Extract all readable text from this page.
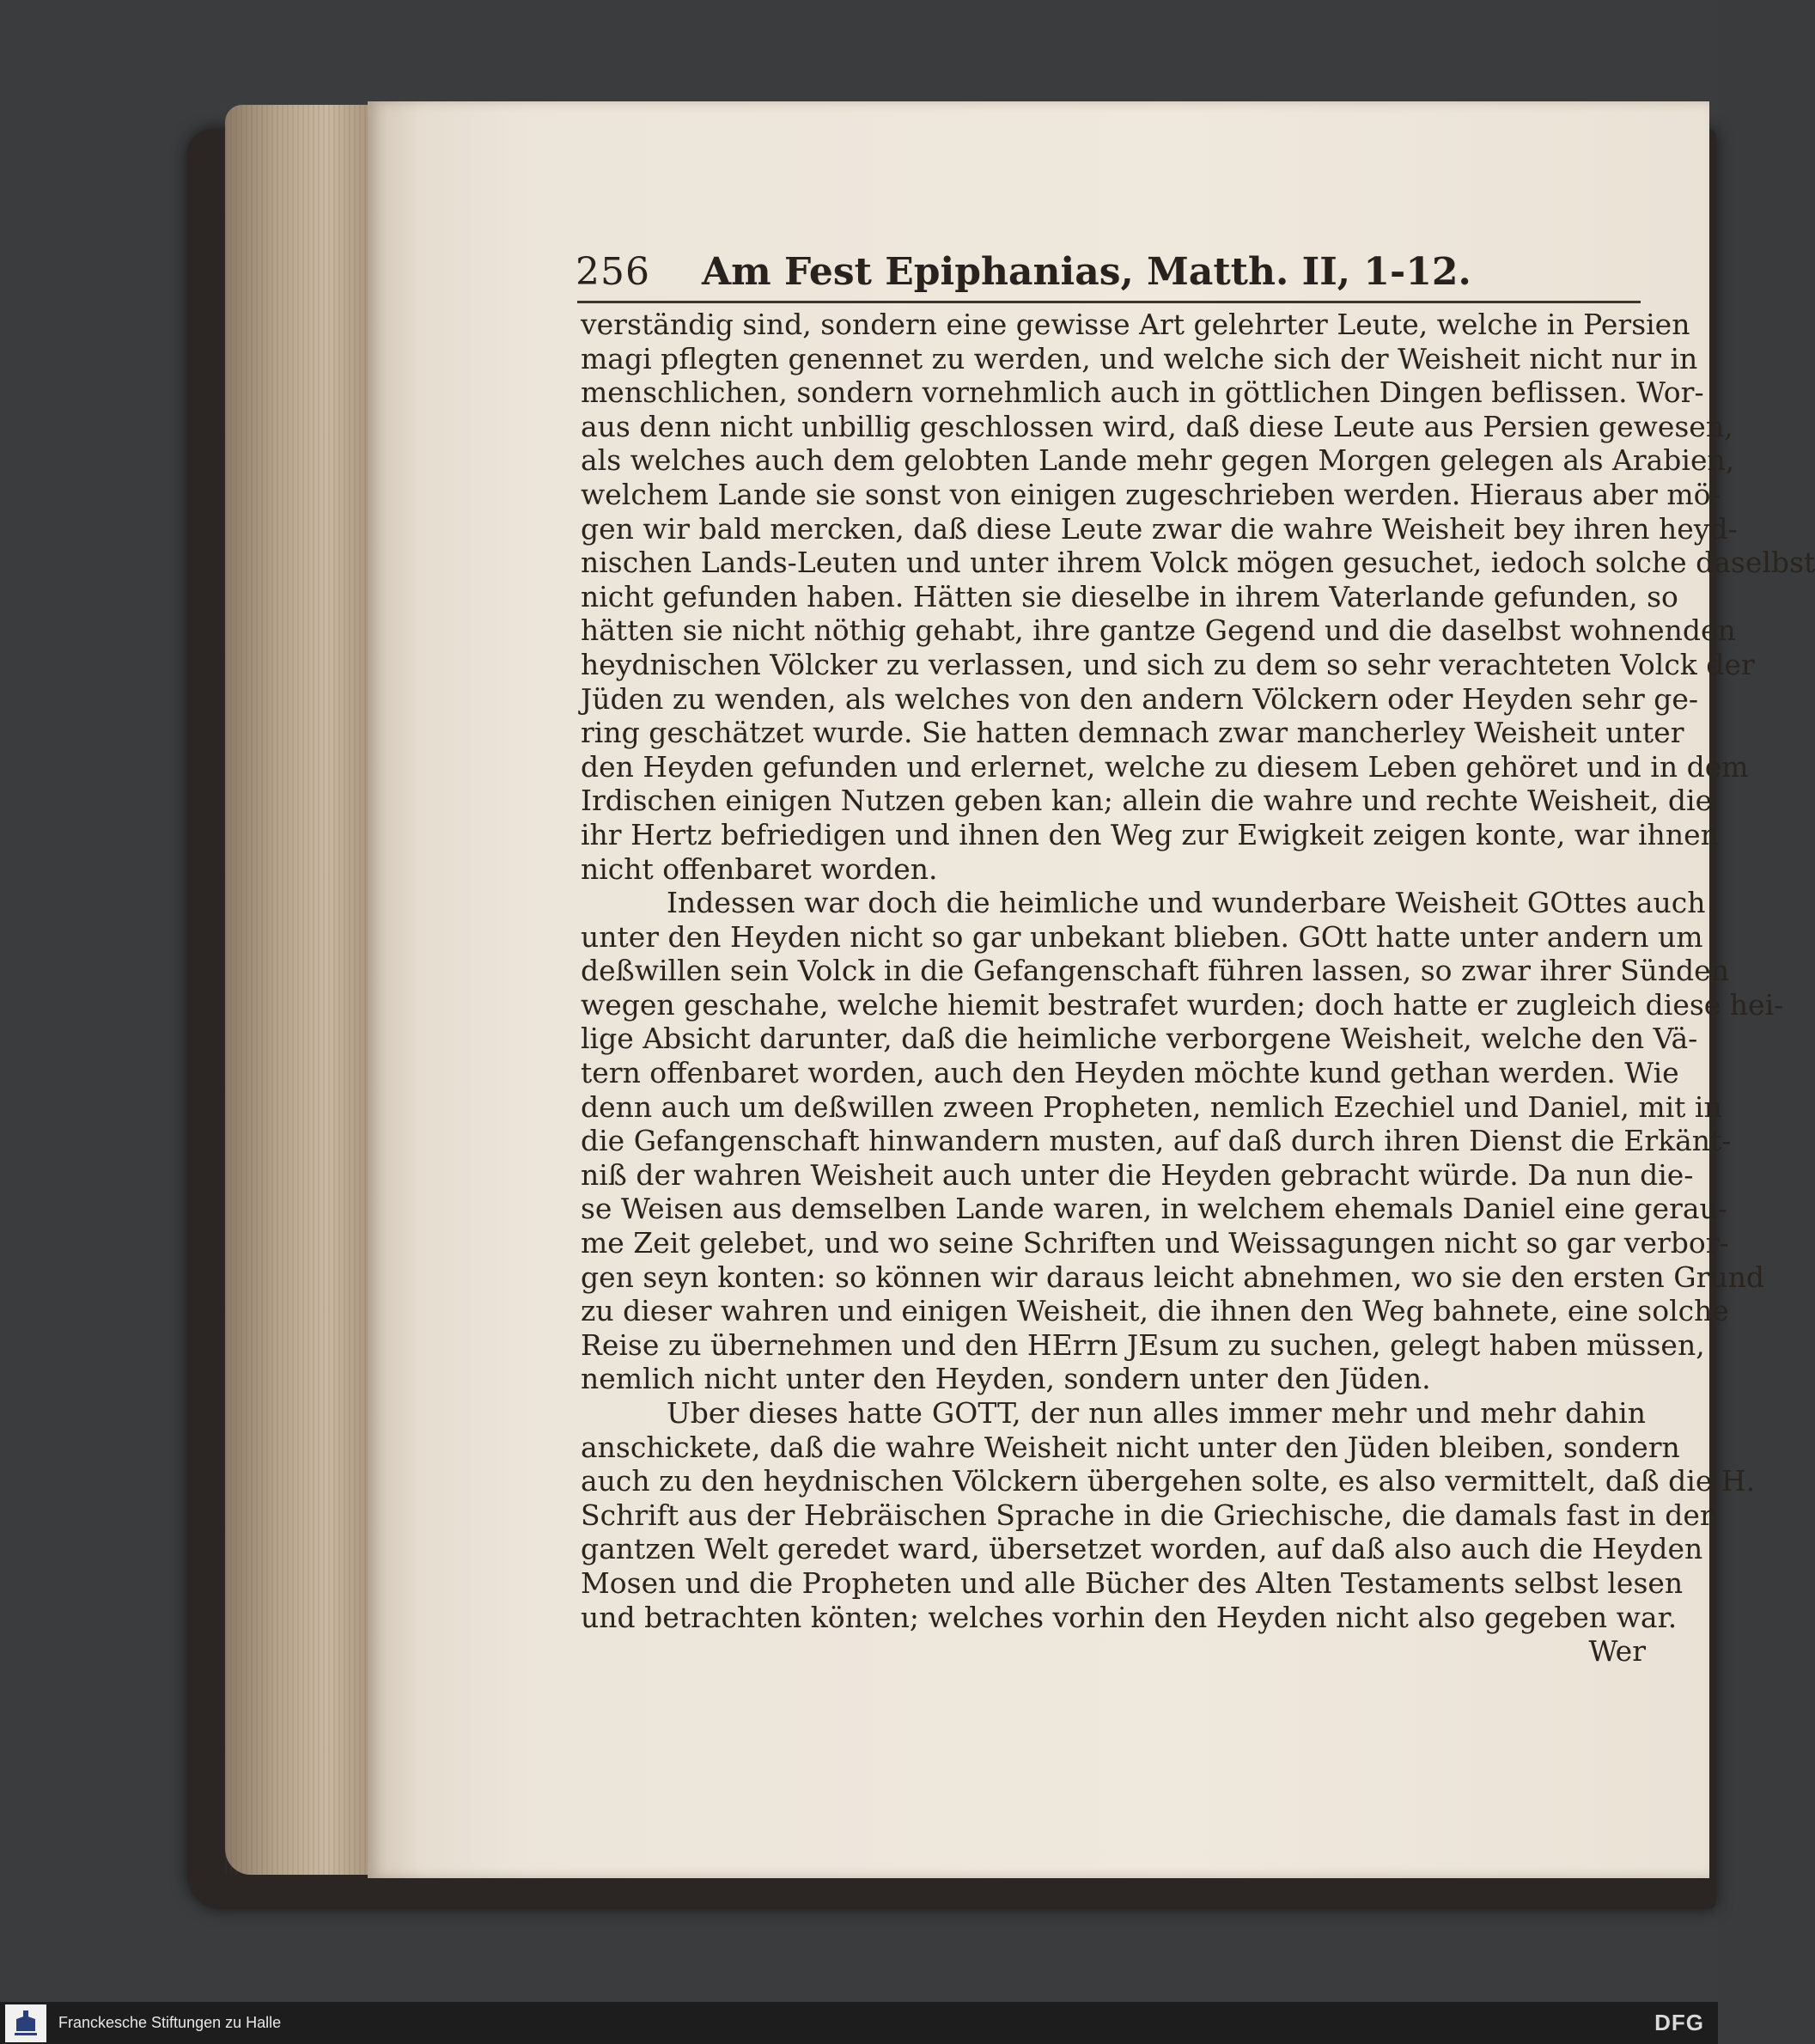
256 Am Fest Epiphanias, Matth. II, 1-12.
verständig sind, sondern eine gewisse Art gelehrter Leute, welche in Persien
magi pflegten genennet zu werden, und welche sich der Weisheit nicht nur in
menschlichen, sondern vornehmlich auch in göttlichen Dingen beflissen. Wor-
aus denn nicht unbillig geschlossen wird, daß diese Leute aus Persien gewesen,
als welches auch dem gelobten Lande mehr gegen Morgen gelegen als Arabien,
welchem Lande sie sonst von einigen zugeschrieben werden. Hieraus aber mö-
gen wir bald mercken, daß diese Leute zwar die wahre Weisheit bey ihren heyd-
nischen Lands-Leuten und unter ihrem Volck mögen gesuchet, iedoch solche daselbst
nicht gefunden haben. Hätten sie dieselbe in ihrem Vaterlande gefunden, so
hätten sie nicht nöthig gehabt, ihre gantze Gegend und die daselbst wohnenden
heydnischen Völcker zu verlassen, und sich zu dem so sehr verachteten Volck der
Jüden zu wenden, als welches von den andern Völckern oder Heyden sehr ge-
ring geschätzet wurde. Sie hatten demnach zwar mancherley Weisheit unter
den Heyden gefunden und erlernet, welche zu diesem Leben gehöret und in dem
Irdischen einigen Nutzen geben kan; allein die wahre und rechte Weisheit, die
ihr Hertz befriedigen und ihnen den Weg zur Ewigkeit zeigen konte, war ihnen
nicht offenbaret worden.
Indessen war doch die heimliche und wunderbare Weisheit GOttes auch
unter den Heyden nicht so gar unbekant blieben. GOtt hatte unter andern um
deßwillen sein Volck in die Gefangenschaft führen lassen, so zwar ihrer Sünden
wegen geschahe, welche hiemit bestrafet wurden; doch hatte er zugleich diese hei-
lige Absicht darunter, daß die heimliche verborgene Weisheit, welche den Vä-
tern offenbaret worden, auch den Heyden möchte kund gethan werden. Wie
denn auch um deßwillen zween Propheten, nemlich Ezechiel und Daniel, mit in
die Gefangenschaft hinwandern musten, auf daß durch ihren Dienst die Erkänt-
niß der wahren Weisheit auch unter die Heyden gebracht würde. Da nun die-
se Weisen aus demselben Lande waren, in welchem ehemals Daniel eine gerau-
me Zeit gelebet, und wo seine Schriften und Weissagungen nicht so gar verbor-
gen seyn konten: so können wir daraus leicht abnehmen, wo sie den ersten Grund
zu dieser wahren und einigen Weisheit, die ihnen den Weg bahnete, eine solche
Reise zu übernehmen und den HErrn JEsum zu suchen, gelegt haben müssen,
nemlich nicht unter den Heyden, sondern unter den Jüden.
Uber dieses hatte GOTT, der nun alles immer mehr und mehr dahin
anschickete, daß die wahre Weisheit nicht unter den Jüden bleiben, sondern
auch zu den heydnischen Völckern übergehen solte, es also vermittelt, daß die H.
Schrift aus der Hebräischen Sprache in die Griechische, die damals fast in der
gantzen Welt geredet ward, übersetzet worden, auf daß also auch die Heyden
Mosen und die Propheten und alle Bücher des Alten Testaments selbst lesen
und betrachten könten; welches vorhin den Heyden nicht also gegeben war.
Wer
Franckesche Stiftungen zu Halle	DFG
